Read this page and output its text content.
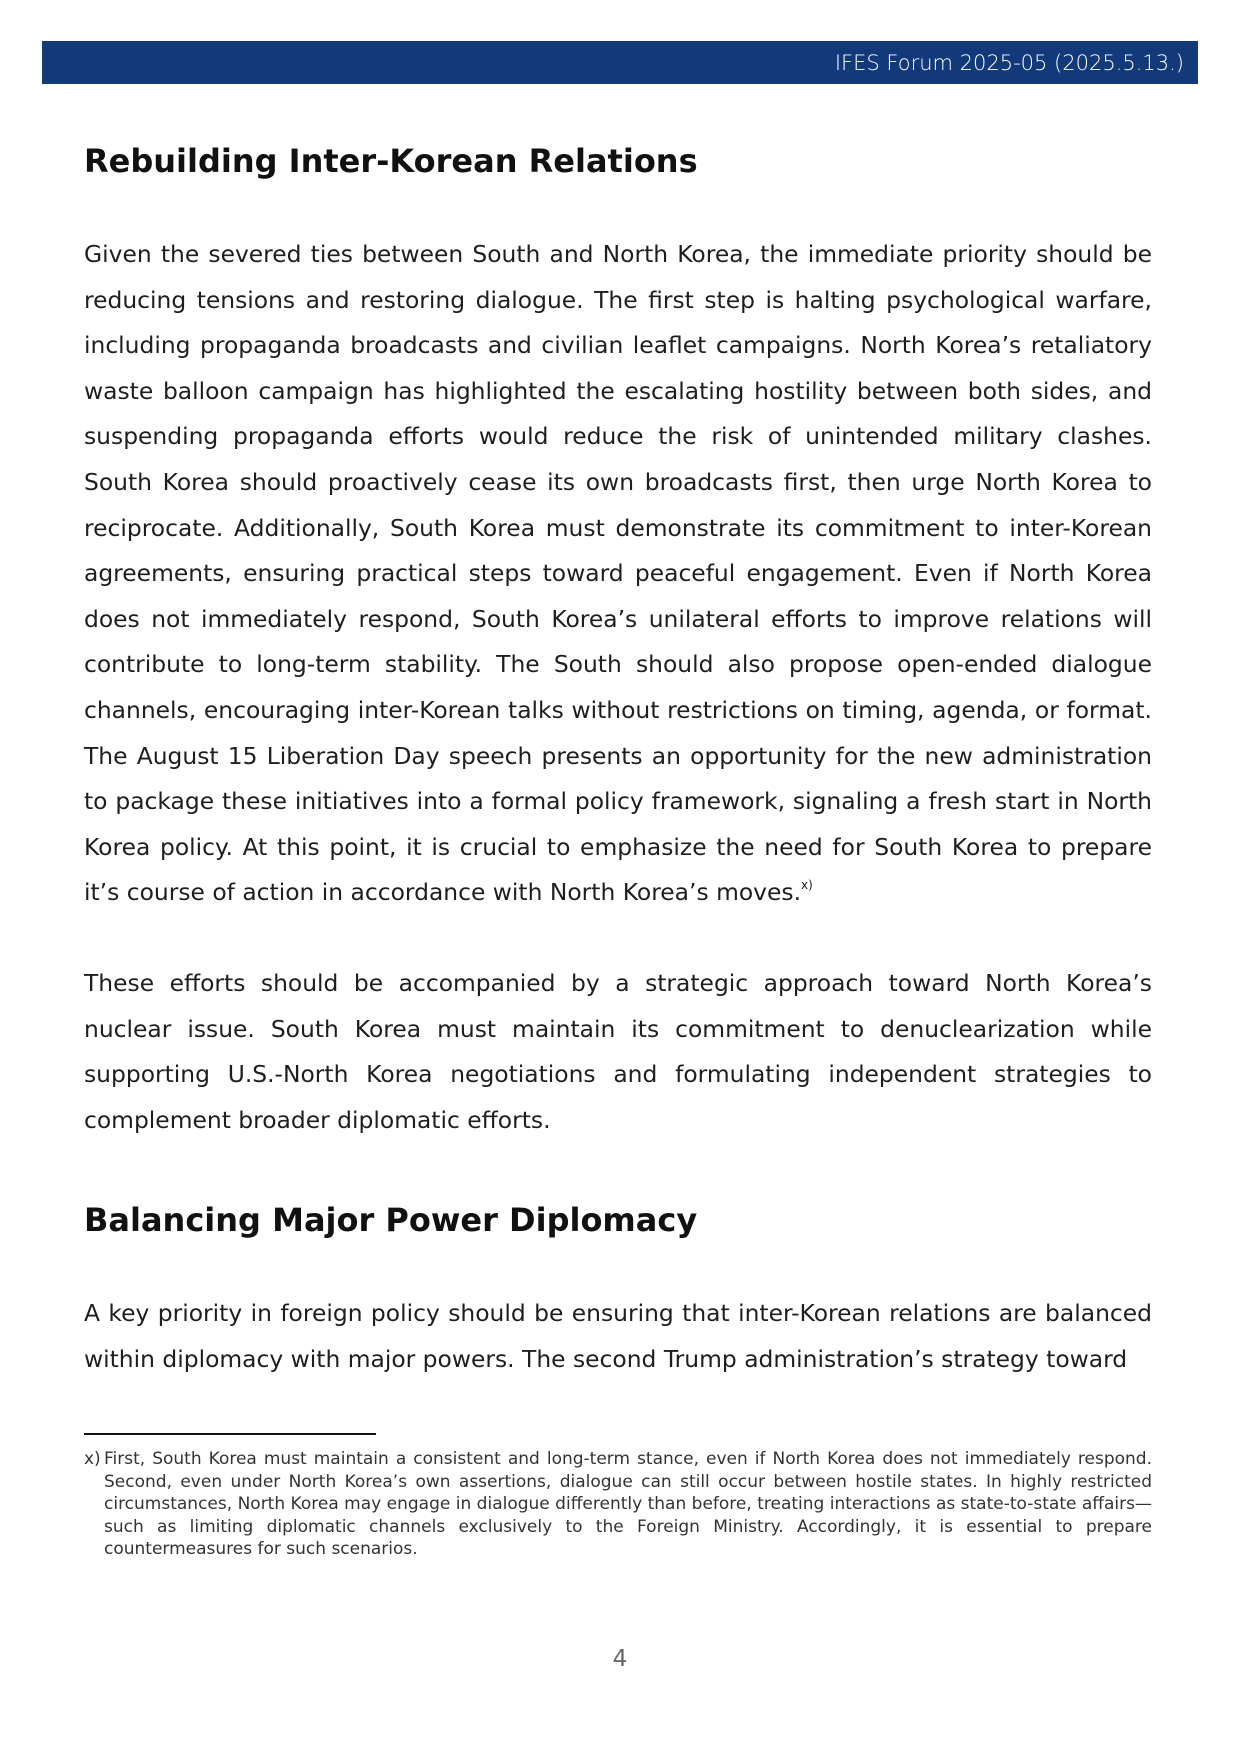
IFES Forum 2025-05 (2025.5.13.)
Rebuilding Inter-Korean Relations

Given the severed ties between South and North Korea, the immediate priority should be reducing tensions and restoring dialogue. The first step is halting psychological warfare, including propaganda broadcasts and civilian leaflet campaigns. North Korea’s retaliatory waste balloon campaign has highlighted the escalating hostility between both sides, and suspending propaganda efforts would reduce the risk of unintended military clashes. South Korea should proactively cease its own broadcasts first, then urge North Korea to reciprocate. Additionally, South Korea must demonstrate its commitment to inter-Korean agreements, ensuring practical steps toward peaceful engagement. Even if North Korea does not immediately respond, South Korea’s unilateral efforts to improve relations will contribute to long-term stability. The South should also propose open-ended dialogue channels, encouraging inter-Korean talks without restrictions on timing, agenda, or format. The August 15 Liberation Day speech presents an opportunity for the new administration to package these initiatives into a formal policy framework, signaling a fresh start in North Korea policy. At this point, it is crucial to emphasize the need for South Korea to prepare it’s course of action in accordance with North Korea’s moves.$^{x)}$

These efforts should be accompanied by a strategic approach toward North Korea’s nuclear issue. South Korea must maintain its commitment to denuclearization while supporting U.S.-North Korea negotiations and formulating independent strategies to complement broader diplomatic efforts.

Balancing Major Power Diplomacy

A key priority in foreign policy should be ensuring that inter-Korean relations are balanced within diplomacy with major powers. The second Trump administration’s strategy toward

x) First, South Korea must maintain a consistent and long-term stance, even if North Korea does not immediately respond. Second, even under North Korea’s own assertions, dialogue can still occur between hostile states. In highly restricted circumstances, North Korea may engage in dialogue differently than before, treating interactions as state-to-state affairs—such as limiting diplomatic channels exclusively to the Foreign Ministry. Accordingly, it is essential to prepare countermeasures for such scenarios.
4
